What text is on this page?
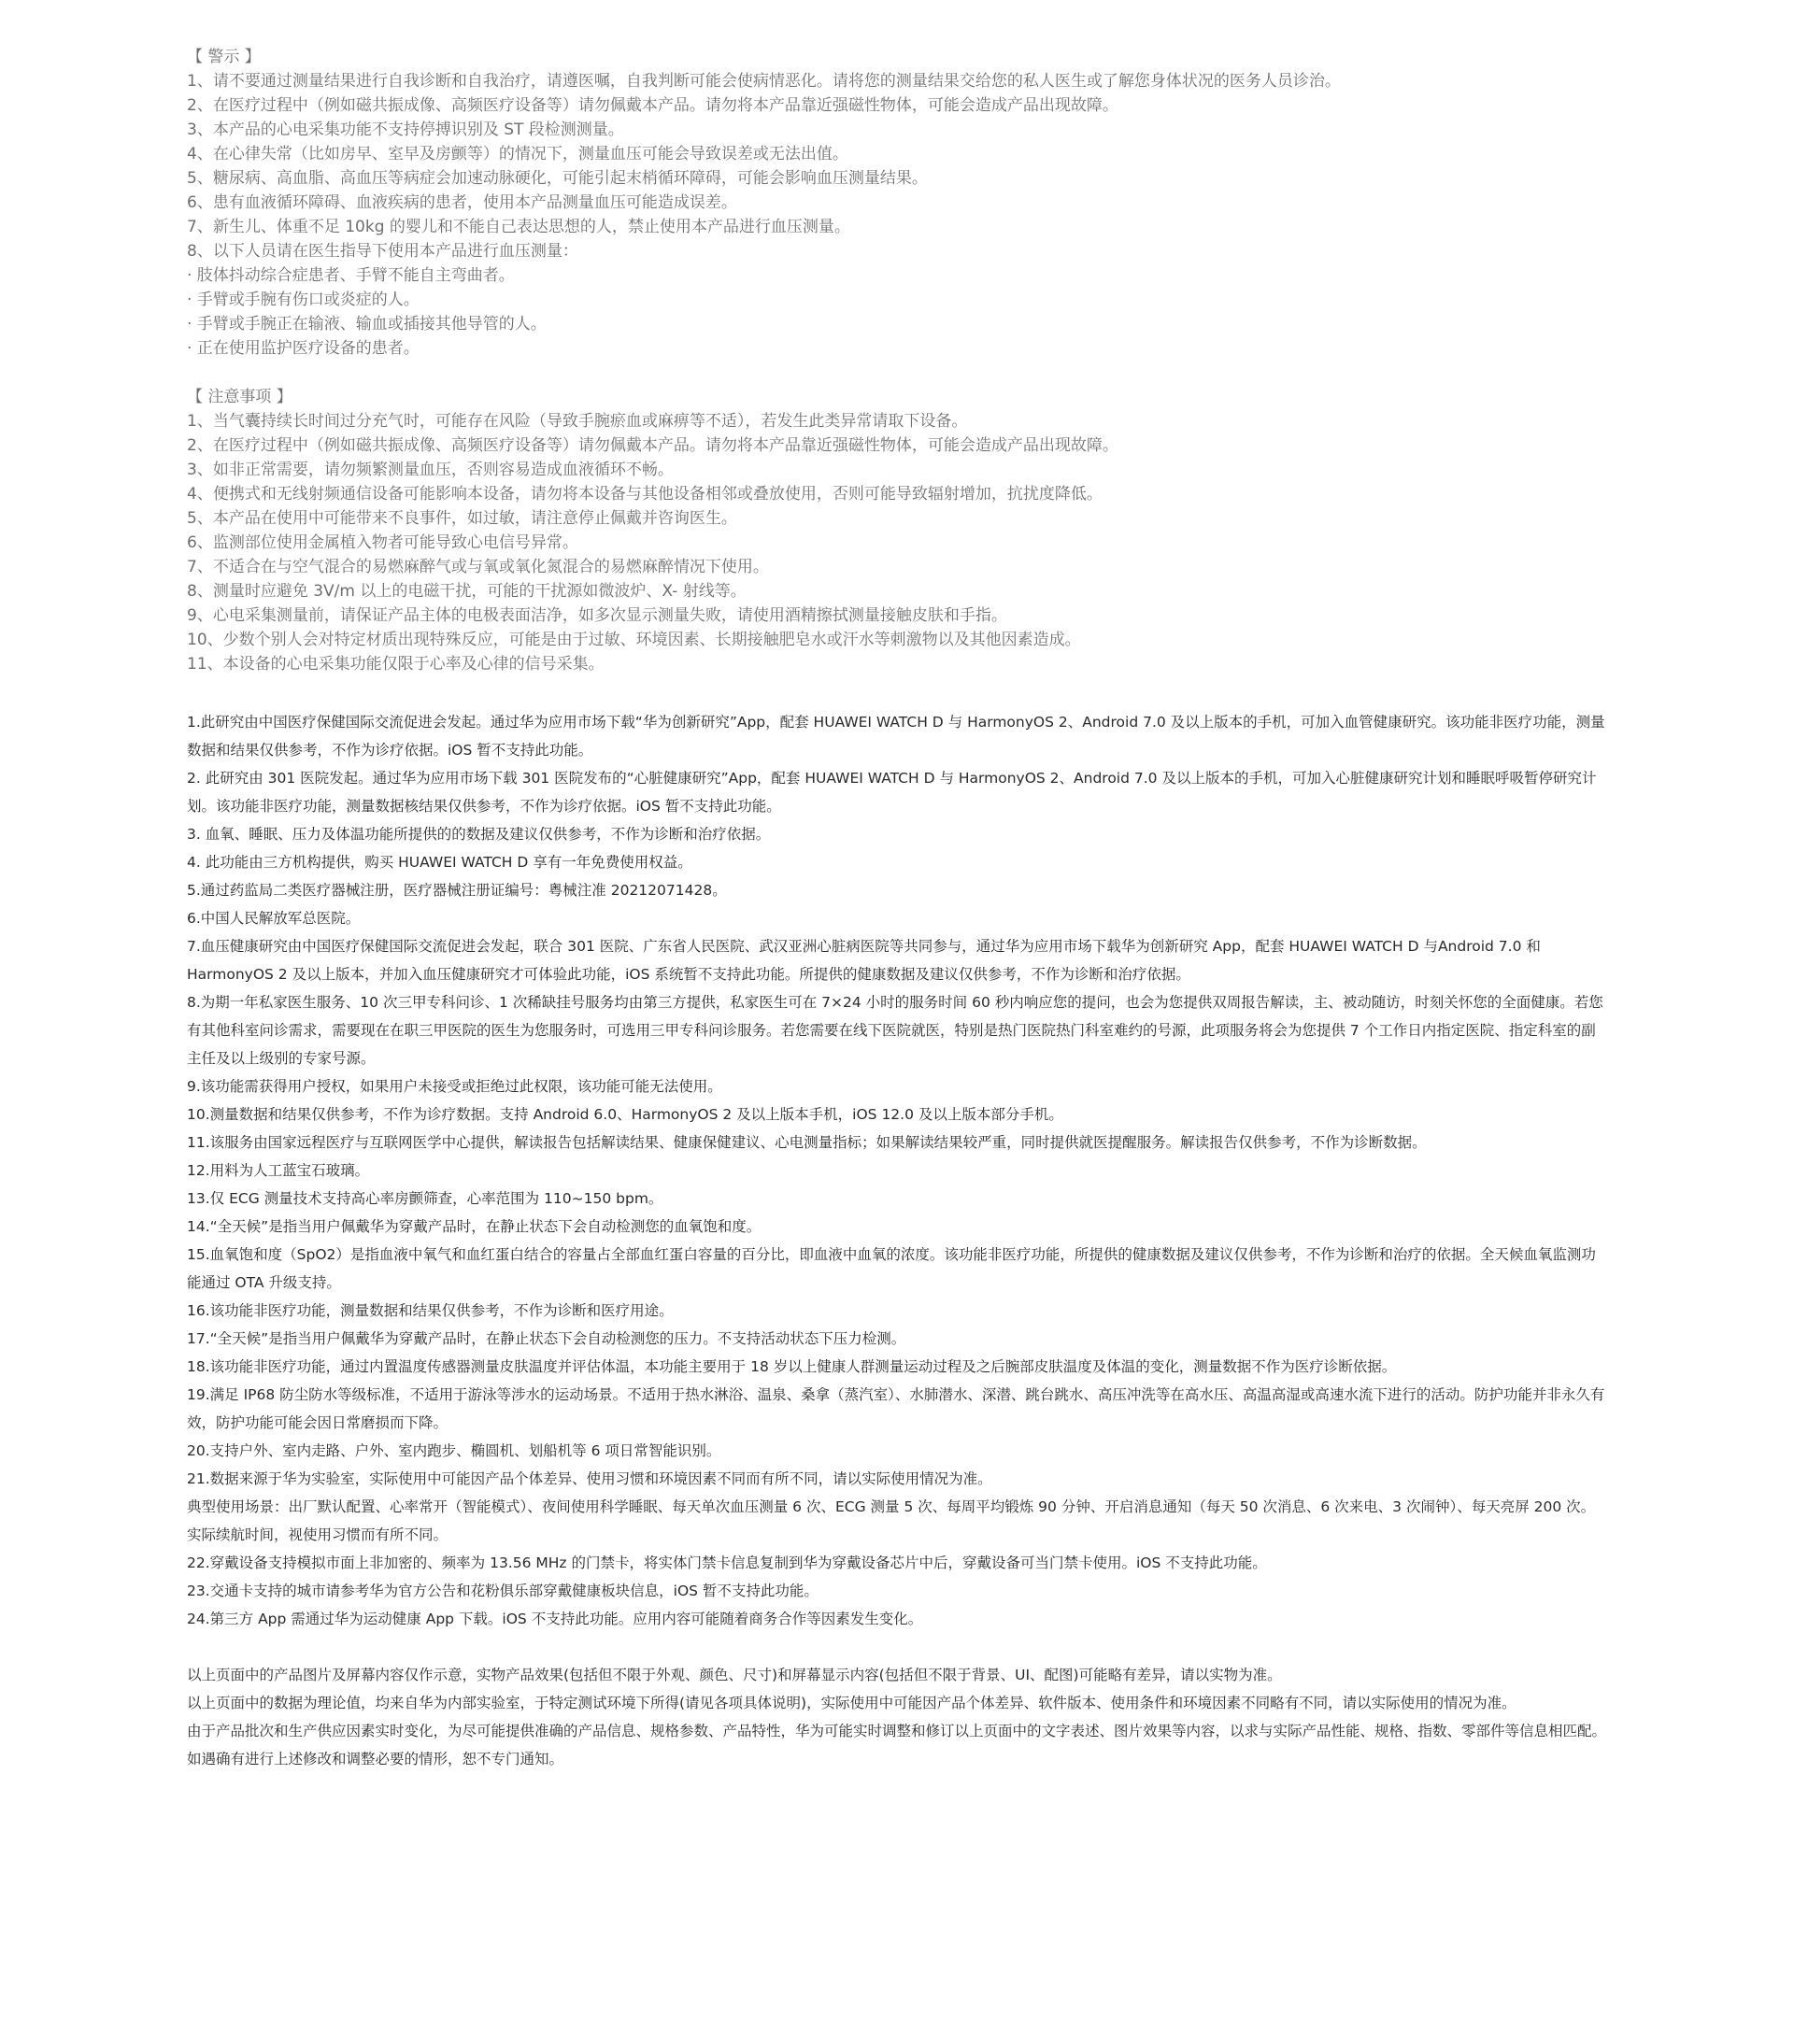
【 警示 】
1、请不要通过测量结果进行自我诊断和自我治疗，请遵医嘱，自我判断可能会使病情恶化。请将您的测量结果交给您的私人医生或了解您身体状况的医务人员诊治。
2、在医疗过程中（例如磁共振成像、高频医疗设备等）请勿佩戴本产品。请勿将本产品靠近强磁性物体，可能会造成产品出现故障。
3、本产品的心电采集功能不支持停搏识别及 ST 段检测测量。
4、在心律失常（比如房早、室早及房颤等）的情况下，测量血压可能会导致误差或无法出值。
5、糖尿病、高血脂、高血压等病症会加速动脉硬化，可能引起末梢循环障碍，可能会影响血压测量结果。
6、患有血液循环障碍、血液疾病的患者，使用本产品测量血压可能造成误差。
7、新生儿、体重不足 10kg 的婴儿和不能自己表达思想的人，禁止使用本产品进行血压测量。
8、以下人员请在医生指导下使用本产品进行血压测量：
· 肢体抖动综合症患者、手臂不能自主弯曲者。
· 手臂或手腕有伤口或炎症的人。
· 手臂或手腕正在输液、输血或插接其他导管的人。
· 正在使用监护医疗设备的患者。
【 注意事项 】
1、当气囊持续长时间过分充气时，可能存在风险（导致手腕瘀血或麻痹等不适），若发生此类异常请取下设备。
2、在医疗过程中（例如磁共振成像、高频医疗设备等）请勿佩戴本产品。请勿将本产品靠近强磁性物体，可能会造成产品出现故障。
3、如非正常需要，请勿频繁测量血压，否则容易造成血液循环不畅。
4、便携式和无线射频通信设备可能影响本设备，请勿将本设备与其他设备相邻或叠放使用，否则可能导致辐射增加，抗扰度降低。
5、本产品在使用中可能带来不良事件，如过敏，请注意停止佩戴并咨询医生。
6、监测部位使用金属植入物者可能导致心电信号异常。
7、不适合在与空气混合的易燃麻醉气或与氧或氧化氮混合的易燃麻醉情况下使用。
8、测量时应避免 3V/m 以上的电磁干扰，可能的干扰源如微波炉、X- 射线等。
9、心电采集测量前，请保证产品主体的电极表面洁净，如多次显示测量失败，请使用酒精擦拭测量接触皮肤和手指。
10、少数个别人会对特定材质出现特殊反应，可能是由于过敏、环境因素、长期接触肥皂水或汗水等刺激物以及其他因素造成。
11、本设备的心电采集功能仅限于心率及心律的信号采集。

1.此研究由中国医疗保健国际交流促进会发起。通过华为应用市场下载“华为创新研究”App，配套 HUAWEI WATCH D 与 HarmonyOS 2、Android 7.0 及以上版本的手机，可加入血管健康研究。该功能非医疗功能，测量数据和结果仅供参考，不作为诊疗依据。iOS 暂不支持此功能。

2. 此研究由 301 医院发起。通过华为应用市场下载 301 医院发布的“心脏健康研究”App，配套 HUAWEI WATCH D 与 HarmonyOS 2、Android 7.0 及以上版本的手机，可加入心脏健康研究计划和睡眠呼吸暂停研究计划。该功能非医疗功能，测量数据核结果仅供参考，不作为诊疗依据。iOS 暂不支持此功能。

3. 血氧、睡眠、压力及体温功能所提供的的数据及建议仅供参考，不作为诊断和治疗依据。

4. 此功能由三方机构提供，购买 HUAWEI WATCH D 享有一年免费使用权益。

5.通过药监局二类医疗器械注册，医疗器械注册证编号：粤械注准 20212071428。

6.中国人民解放军总医院。

7.血压健康研究由中国医疗保健国际交流促进会发起，联合 301 医院、广东省人民医院、武汉亚洲心脏病医院等共同参与，通过华为应用市场下载华为创新研究 App，配套 HUAWEI WATCH D 与Android 7.0 和 HarmonyOS 2 及以上版本，并加入血压健康研究才可体验此功能，iOS 系统暂不支持此功能。所提供的健康数据及建议仅供参考，不作为诊断和治疗依据。

8.为期一年私家医生服务、10 次三甲专科问诊、1 次稀缺挂号服务均由第三方提供，私家医生可在 7×24 小时的服务时间 60 秒内响应您的提问，也会为您提供双周报告解读，主、被动随访，时刻关怀您的全面健康。若您有其他科室问诊需求，需要现在在职三甲医院的医生为您服务时，可选用三甲专科问诊服务。若您需要在线下医院就医，特别是热门医院热门科室难约的号源，此项服务将会为您提供 7 个工作日内指定医院、指定科室的副主任及以上级别的专家号源。

9.该功能需获得用户授权，如果用户未接受或拒绝过此权限，该功能可能无法使用。

10.测量数据和结果仅供参考，不作为诊疗数据。支持 Android 6.0、HarmonyOS 2 及以上版本手机，iOS 12.0 及以上版本部分手机。

11.该服务由国家远程医疗与互联网医学中心提供，解读报告包括解读结果、健康保健建议、心电测量指标；如果解读结果较严重，同时提供就医提醒服务。解读报告仅供参考，不作为诊断数据。

12.用料为人工蓝宝石玻璃。

13.仅 ECG 测量技术支持高心率房颤筛查，心率范围为 110~150 bpm。

14.“全天候”是指当用户佩戴华为穿戴产品时，在静止状态下会自动检测您的血氧饱和度。

15.血氧饱和度（SpO2）是指血液中氧气和血红蛋白结合的容量占全部血红蛋白容量的百分比，即血液中血氧的浓度。该功能非医疗功能，所提供的健康数据及建议仅供参考，不作为诊断和治疗的依据。全天候血氧监测功能通过 OTA 升级支持。

16.该功能非医疗功能，测量数据和结果仅供参考，不作为诊断和医疗用途。

17.“全天候”是指当用户佩戴华为穿戴产品时，在静止状态下会自动检测您的压力。不支持活动状态下压力检测。

18.该功能非医疗功能，通过内置温度传感器测量皮肤温度并评估体温，本功能主要用于 18 岁以上健康人群测量运动过程及之后腕部皮肤温度及体温的变化，测量数据不作为医疗诊断依据。

19.满足 IP68 防尘防水等级标准，不适用于游泳等涉水的运动场景。不适用于热水淋浴、温泉、桑拿（蒸汽室）、水肺潜水、深潜、跳台跳水、高压冲洗等在高水压、高温高湿或高速水流下进行的活动。防护功能并非永久有效，防护功能可能会因日常磨损而下降。

20.支持户外、室内走路、户外、室内跑步、椭圆机、划船机等 6 项日常智能识别。

21.数据来源于华为实验室，实际使用中可能因产品个体差异、使用习惯和环境因素不同而有所不同，请以实际使用情况为准。

典型使用场景：出厂默认配置、心率常开（智能模式）、夜间使用科学睡眠、每天单次血压测量 6 次、ECG 测量 5 次、每周平均锻炼 90 分钟、开启消息通知（每天 50 次消息、6 次来电、3 次闹钟）、每天亮屏 200 次。实际续航时间，视使用习惯而有所不同。

22.穿戴设备支持模拟市面上非加密的、频率为 13.56 MHz 的门禁卡，将实体门禁卡信息复制到华为穿戴设备芯片中后，穿戴设备可当门禁卡使用。iOS 不支持此功能。

23.交通卡支持的城市请参考华为官方公告和花粉俱乐部穿戴健康板块信息，iOS 暂不支持此功能。

24.第三方 App 需通过华为运动健康 App 下载。iOS 不支持此功能。应用内容可能随着商务合作等因素发生变化。

以上页面中的产品图片及屏幕内容仅作示意，实物产品效果(包括但不限于外观、颜色、尺寸)和屏幕显示内容(包括但不限于背景、UI、配图)可能略有差异，请以实物为准。

以上页面中的数据为理论值，均来自华为内部实验室，于特定测试环境下所得(请见各项具体说明)，实际使用中可能因产品个体差异、软件版本、使用条件和环境因素不同略有不同，请以实际使用的情况为准。

由于产品批次和生产供应因素实时变化，为尽可能提供准确的产品信息、规格参数、产品特性，华为可能实时调整和修订以上页面中的文字表述、图片效果等内容，以求与实际产品性能、规格、指数、零部件等信息相匹配。

如遇确有进行上述修改和调整必要的情形，恕不专门通知。
